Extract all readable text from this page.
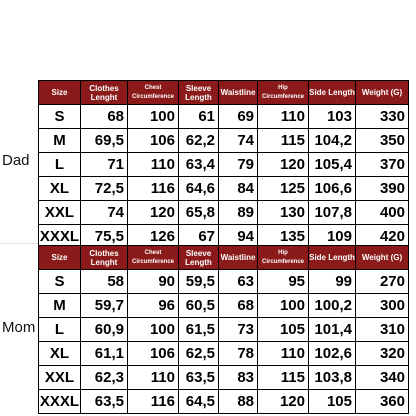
Dad
Mom
Size	Clothes Lenght	Chest Circumference	Sleeve Length	Waistline	Hip Circumference	Side Length	Weight (G)
S	68	100	61	69	110	103	330
M	69,5	106	62,2	74	115	104,2	350
L	71	110	63,4	79	120	105,4	370
XL	72,5	116	64,6	84	125	106,6	390
XXL	74	120	65,8	89	130	107,8	400
XXXL	75,5	126	67	94	135	109	420
Size	Clothes Lenght	Chest Circumference	Sleeve Length	Waistline	Hip Circumference	Side Length	Weight (G)
S	58	90	59,5	63	95	99	270
M	59,7	96	60,5	68	100	100,2	300
L	60,9	100	61,5	73	105	101,4	310
XL	61,1	106	62,5	78	110	102,6	320
XXL	62,3	110	63,5	83	115	103,8	340
XXXL	63,5	116	64,5	88	120	105	360
